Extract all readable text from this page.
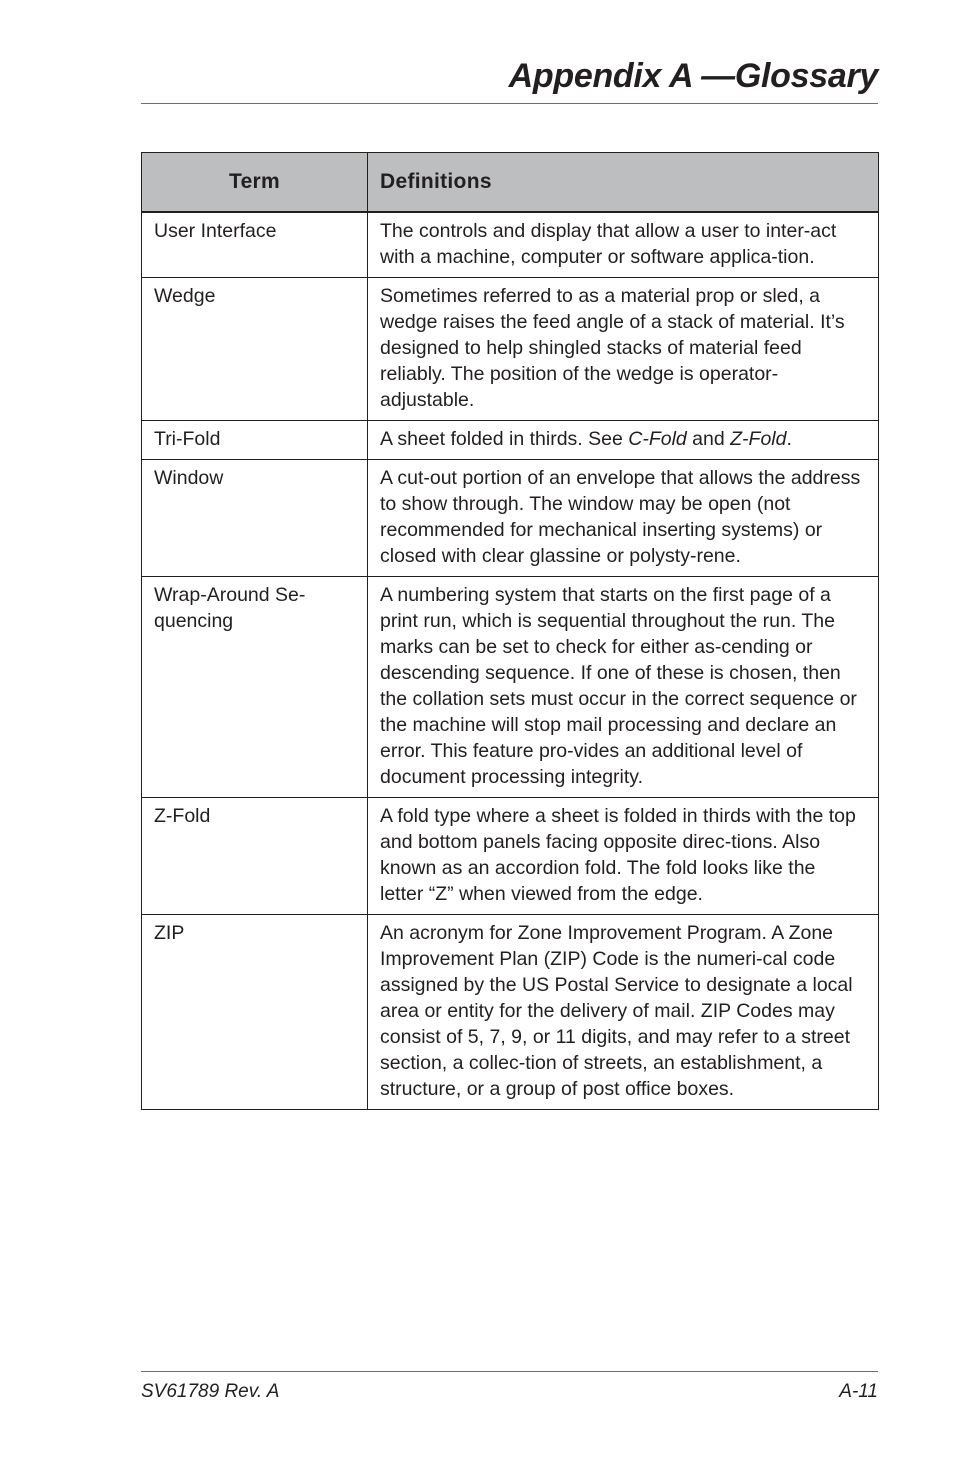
Appendix A —Glossary
Term	Definitions
User Interface	The controls and display that allow a user to inter-act with a machine, computer or software applica-tion.
Wedge	Sometimes referred to as a material prop or sled, a wedge raises the feed angle of a stack of material. It’s designed to help shingled stacks of material feed reliably. The position of the wedge is operator-adjustable.
Tri-Fold	A sheet folded in thirds. See C-Fold and Z-Fold.
Window	A cut-out portion of an envelope that allows the address to show through. The window may be open (not recommended for mechanical inserting systems) or closed with clear glassine or polysty-rene.
Wrap-Around Se-quencing	A numbering system that starts on the first page of a print run, which is sequential throughout the run. The marks can be set to check for either as-cending or descending sequence. If one of these is chosen, then the collation sets must occur in the correct sequence or the machine will stop mail processing and declare an error. This feature pro-vides an additional level of document processing integrity.
Z-Fold	A fold type where a sheet is folded in thirds with the top and bottom panels facing opposite direc-tions. Also known as an accordion fold. The fold looks like the letter “Z” when viewed from the edge.
ZIP	An acronym for Zone Improvement Program. A Zone Improvement Plan (ZIP) Code is the numeri-cal code assigned by the US Postal Service to designate a local area or entity for the delivery of mail. ZIP Codes may consist of 5, 7, 9, or 11 digits, and may refer to a street section, a collec-tion of streets, an establishment, a structure, or a group of post office boxes.
SV61789 Rev. A	A-11
